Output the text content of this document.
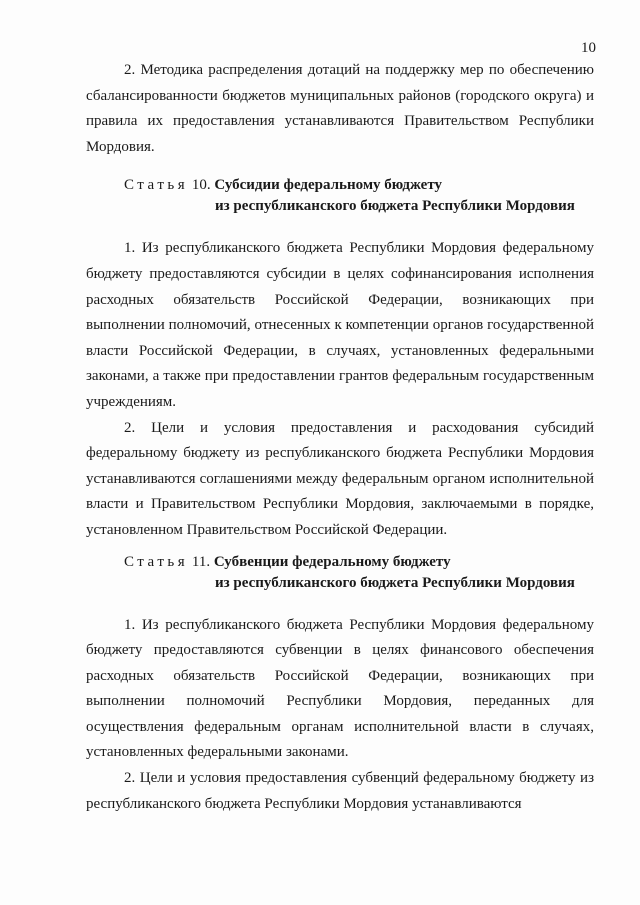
10

2. Методика распределения дотаций на поддержку мер по обеспечению сбалансированности бюджетов муниципальных районов (городского округа) и правила их предоставления устанавливаются Правительством Республики Мордовия.

Статья 10. Субсидии федеральному бюджету
из республиканского бюджета Республики Мордовия

1. Из республиканского бюджета Республики Мордовия федеральному бюджету предоставляются субсидии в целях софинансирования исполнения расходных обязательств Российской Федерации, возникающих при выполнении полномочий, отнесенных к компетенции органов государственной власти Российской Федерации, в случаях, установленных федеральными законами, а также при предоставлении грантов федеральным государственным учреждениям.

2. Цели и условия предоставления и расходования субсидий федеральному бюджету из республиканского бюджета Республики Мордовия устанавливаются соглашениями между федеральным органом исполнительной власти и Правительством Республики Мордовия, заключаемыми в порядке, установленном Правительством Российской Федерации.

Статья 11. Субвенции федеральному бюджету
из республиканского бюджета Республики Мордовия

1. Из республиканского бюджета Республики Мордовия федеральному бюджету предоставляются субвенции в целях финансового обеспечения расходных обязательств Российской Федерации, возникающих при выполнении полномочий Республики Мордовия, переданных для осуществления федеральным органам исполнительной власти в случаях, установленных федеральными законами.

2. Цели и условия предоставления субвенций федеральному бюджету из республиканского бюджета Республики Мордовия устанавливаются
